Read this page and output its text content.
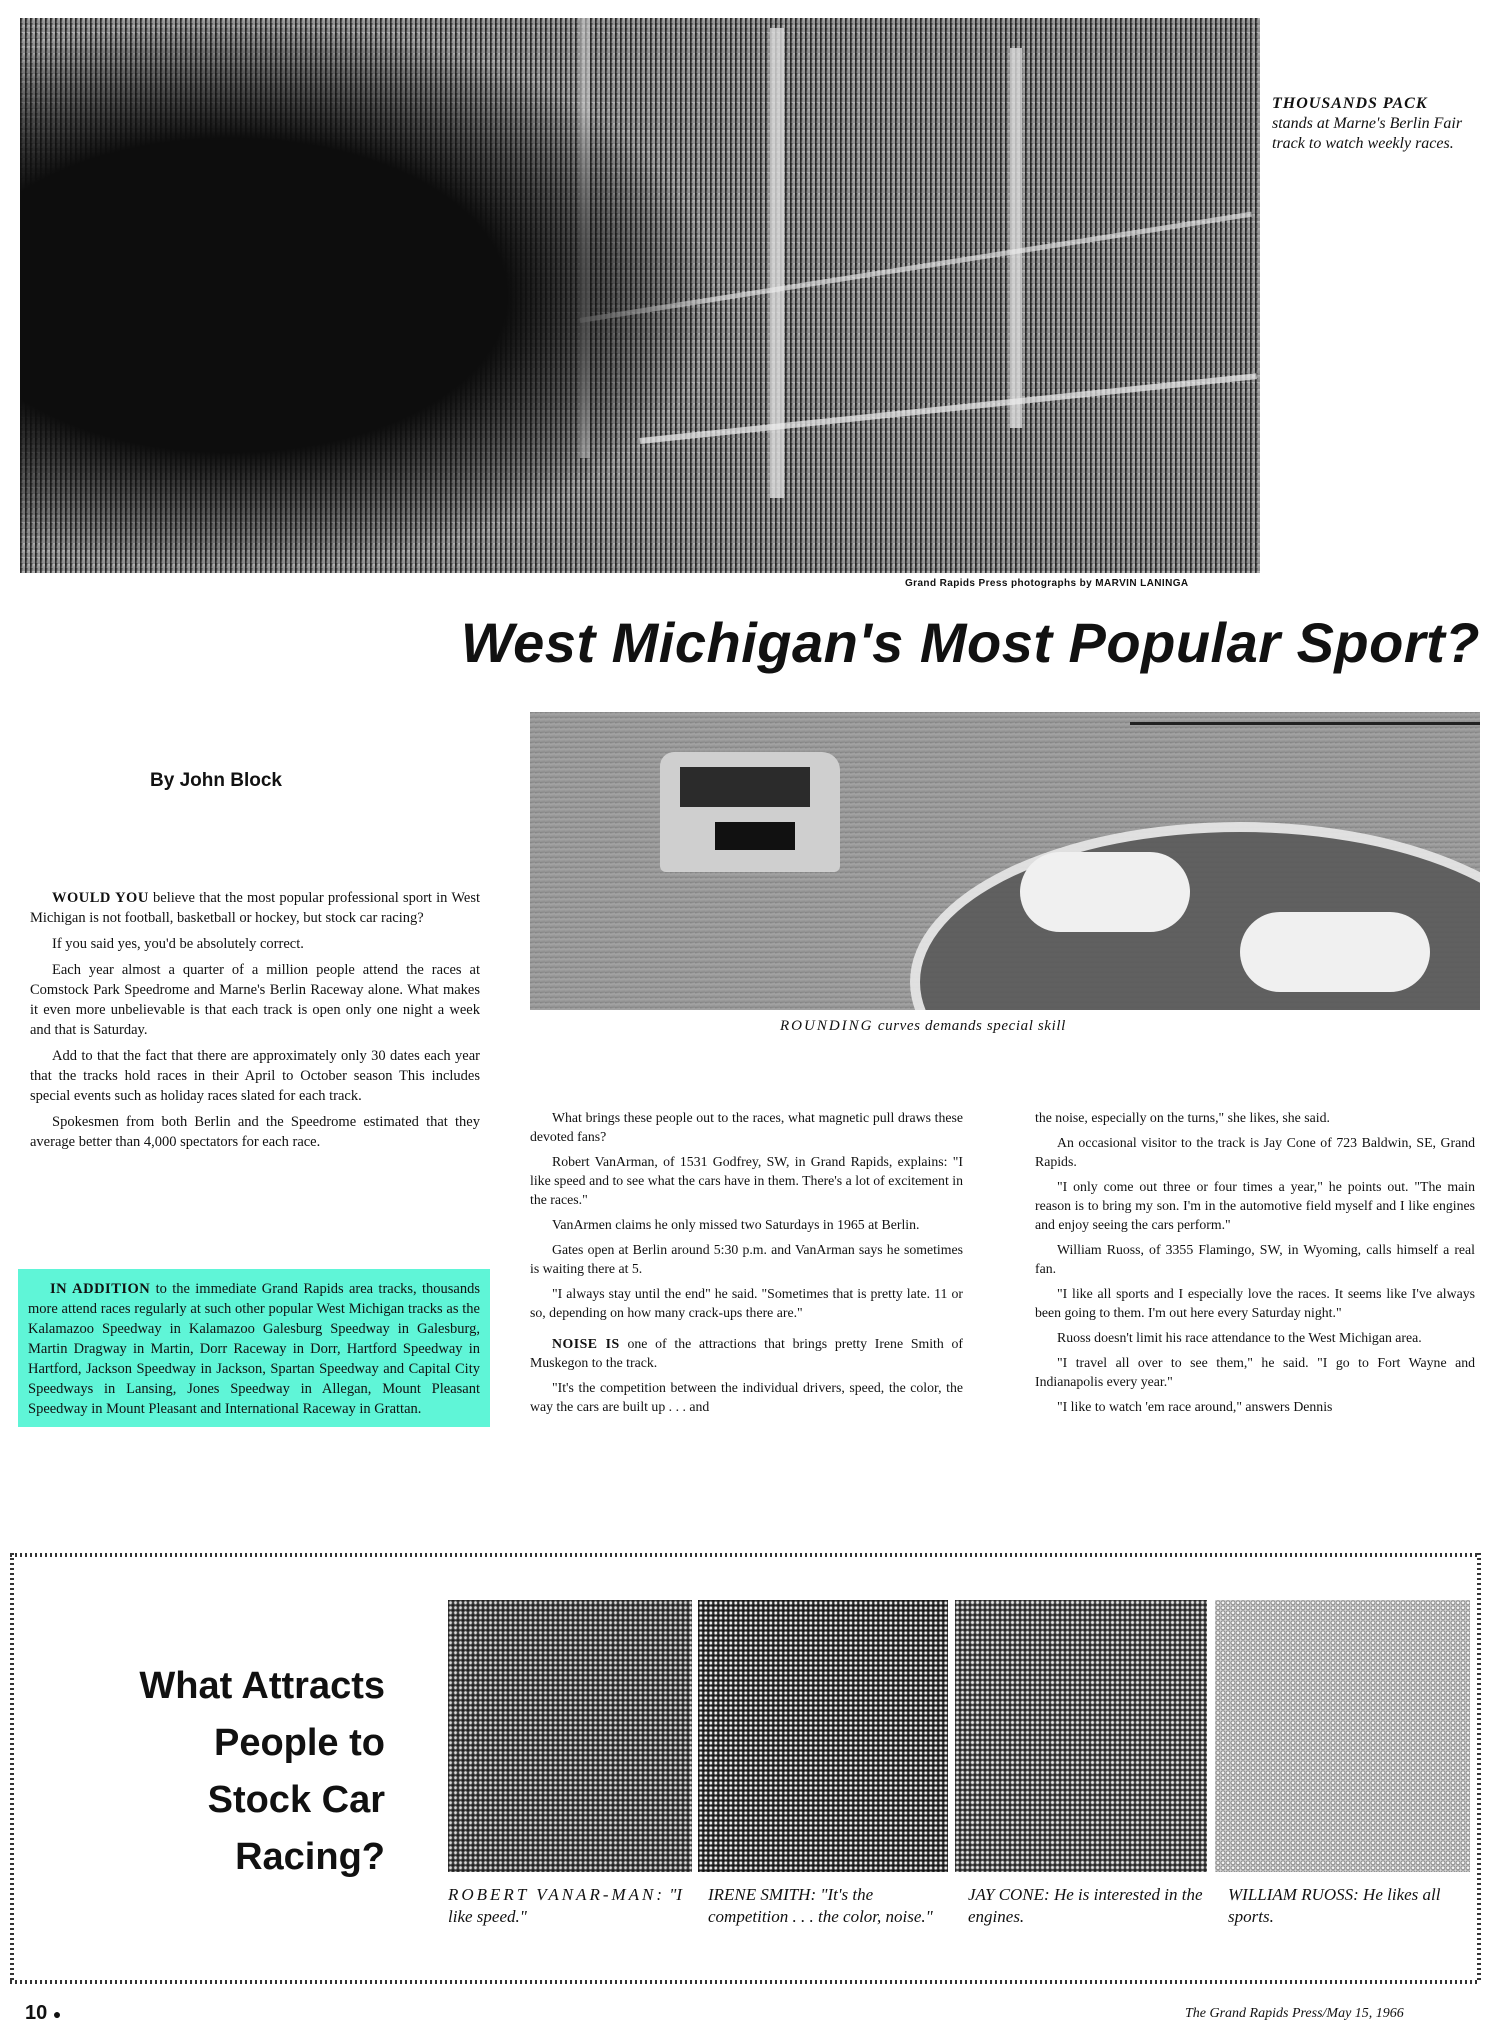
THOUSANDS PACK stands at Marne's Berlin Fair track to watch weekly races.
Grand Rapids Press photographs by MARVIN LANINGA
West Michigan's Most Popular Sport?
By John Block
ROUNDING curves demands special skill

WOULD YOU believe that the most popular professional sport in West Michigan is not football, basketball or hockey, but stock car racing?

If you said yes, you'd be absolutely correct.

Each year almost a quarter of a million people attend the races at Comstock Park Speedrome and Marne's Berlin Raceway alone. What makes it even more unbelievable is that each track is open only one night a week and that is Saturday.

Add to that the fact that there are approximately only 30 dates each year that the tracks hold races in their April to October season This includes special events such as holiday races slated for each track.

Spokesmen from both Berlin and the Speedrome estimated that they average better than 4,000 spectators for each race.

IN ADDITION to the immediate Grand Rapids area tracks, thousands more attend races regularly at such other popular West Michigan tracks as the Kalamazoo Speedway in Kalamazoo Galesburg Speedway in Galesburg, Martin Dragway in Martin, Dorr Raceway in Dorr, Hartford Speedway in Hartford, Jackson Speedway in Jackson, Spartan Speedway and Capital City Speedways in Lansing, Jones Speedway in Allegan, Mount Pleasant Speedway in Mount Pleasant and International Raceway in Grattan.

What brings these people out to the races, what magnetic pull draws these devoted fans?

Robert VanArman, of 1531 Godfrey, SW, in Grand Rapids, explains: "I like speed and to see what the cars have in them. There's a lot of excitement in the races."

VanArmen claims he only missed two Saturdays in 1965 at Berlin.

Gates open at Berlin around 5:30 p.m. and VanArman says he sometimes is waiting there at 5.

"I always stay until the end" he said. "Sometimes that is pretty late. 11 or so, depending on how many crack-ups there are."

NOISE IS one of the attractions that brings pretty Irene Smith of Muskegon to the track.

"It's the competition between the individual drivers, speed, the color, the way the cars are built up . . . and

the noise, especially on the turns," she likes, she said.

An occasional visitor to the track is Jay Cone of 723 Baldwin, SE, Grand Rapids.

"I only come out three or four times a year," he points out. "The main reason is to bring my son. I'm in the automotive field myself and I like engines and enjoy seeing the cars perform."

William Ruoss, of 3355 Flamingo, SW, in Wyoming, calls himself a real fan.

"I like all sports and I especially love the races. It seems like I've always been going to them. I'm out here every Saturday night."

Ruoss doesn't limit his race attendance to the West Michigan area.

"I travel all over to see them," he said. "I go to Fort Wayne and Indianapolis every year."

"I like to watch 'em race around," answers Dennis

What Attracts
People to
Stock Car
Racing?
ROBERT VANAR-MAN: "I like speed."
IRENE SMITH: "It's the competition . . . the color, noise."
JAY CONE: He is interested in the engines.
WILLIAM RUOSS: He likes all sports.
10 ●	The Grand Rapids Press/May 15, 1966
